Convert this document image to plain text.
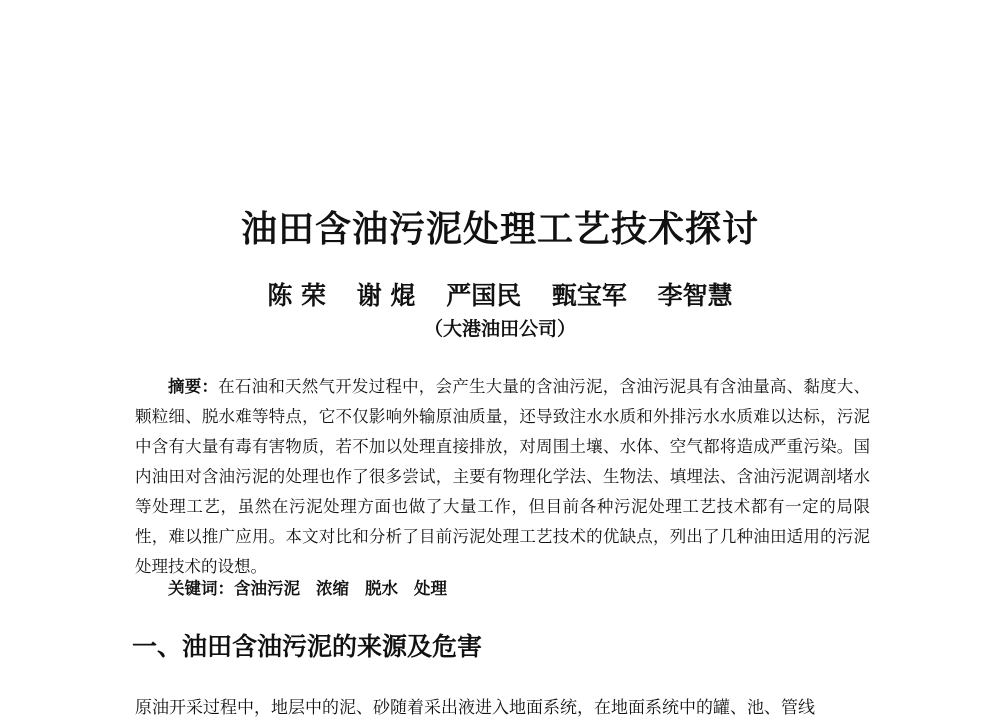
油田含油污泥处理工艺技术探讨
陈 荣 谢 焜 严国民 甄宝军 李智慧
（大港油田公司）
摘要：在石油和天然气开发过程中，会产生大量的含油污泥，含油污泥具有含油量高、黏度大、颗粒细、脱水难等特点，它不仅影响外输原油质量，还导致注水水质和外排污水水质难以达标，污泥中含有大量有毒有害物质，若不加以处理直接排放，对周围土壤、水体、空气都将造成严重污染。国内油田对含油污泥的处理也作了很多尝试，主要有物理化学法、生物法、填埋法、含油污泥调剖堵水等处理工艺，虽然在污泥处理方面也做了大量工作，但目前各种污泥处理工艺技术都有一定的局限性，难以推广应用。本文对比和分析了目前污泥处理工艺技术的优缺点，列出了几种油田适用的污泥处理技术的设想。
关键词：含油污泥 浓缩 脱水 处理
一、油田含油污泥的来源及危害
原油开采过程中，地层中的泥、砂随着采出液进入地面系统，在地面系统中的罐、池、管线
